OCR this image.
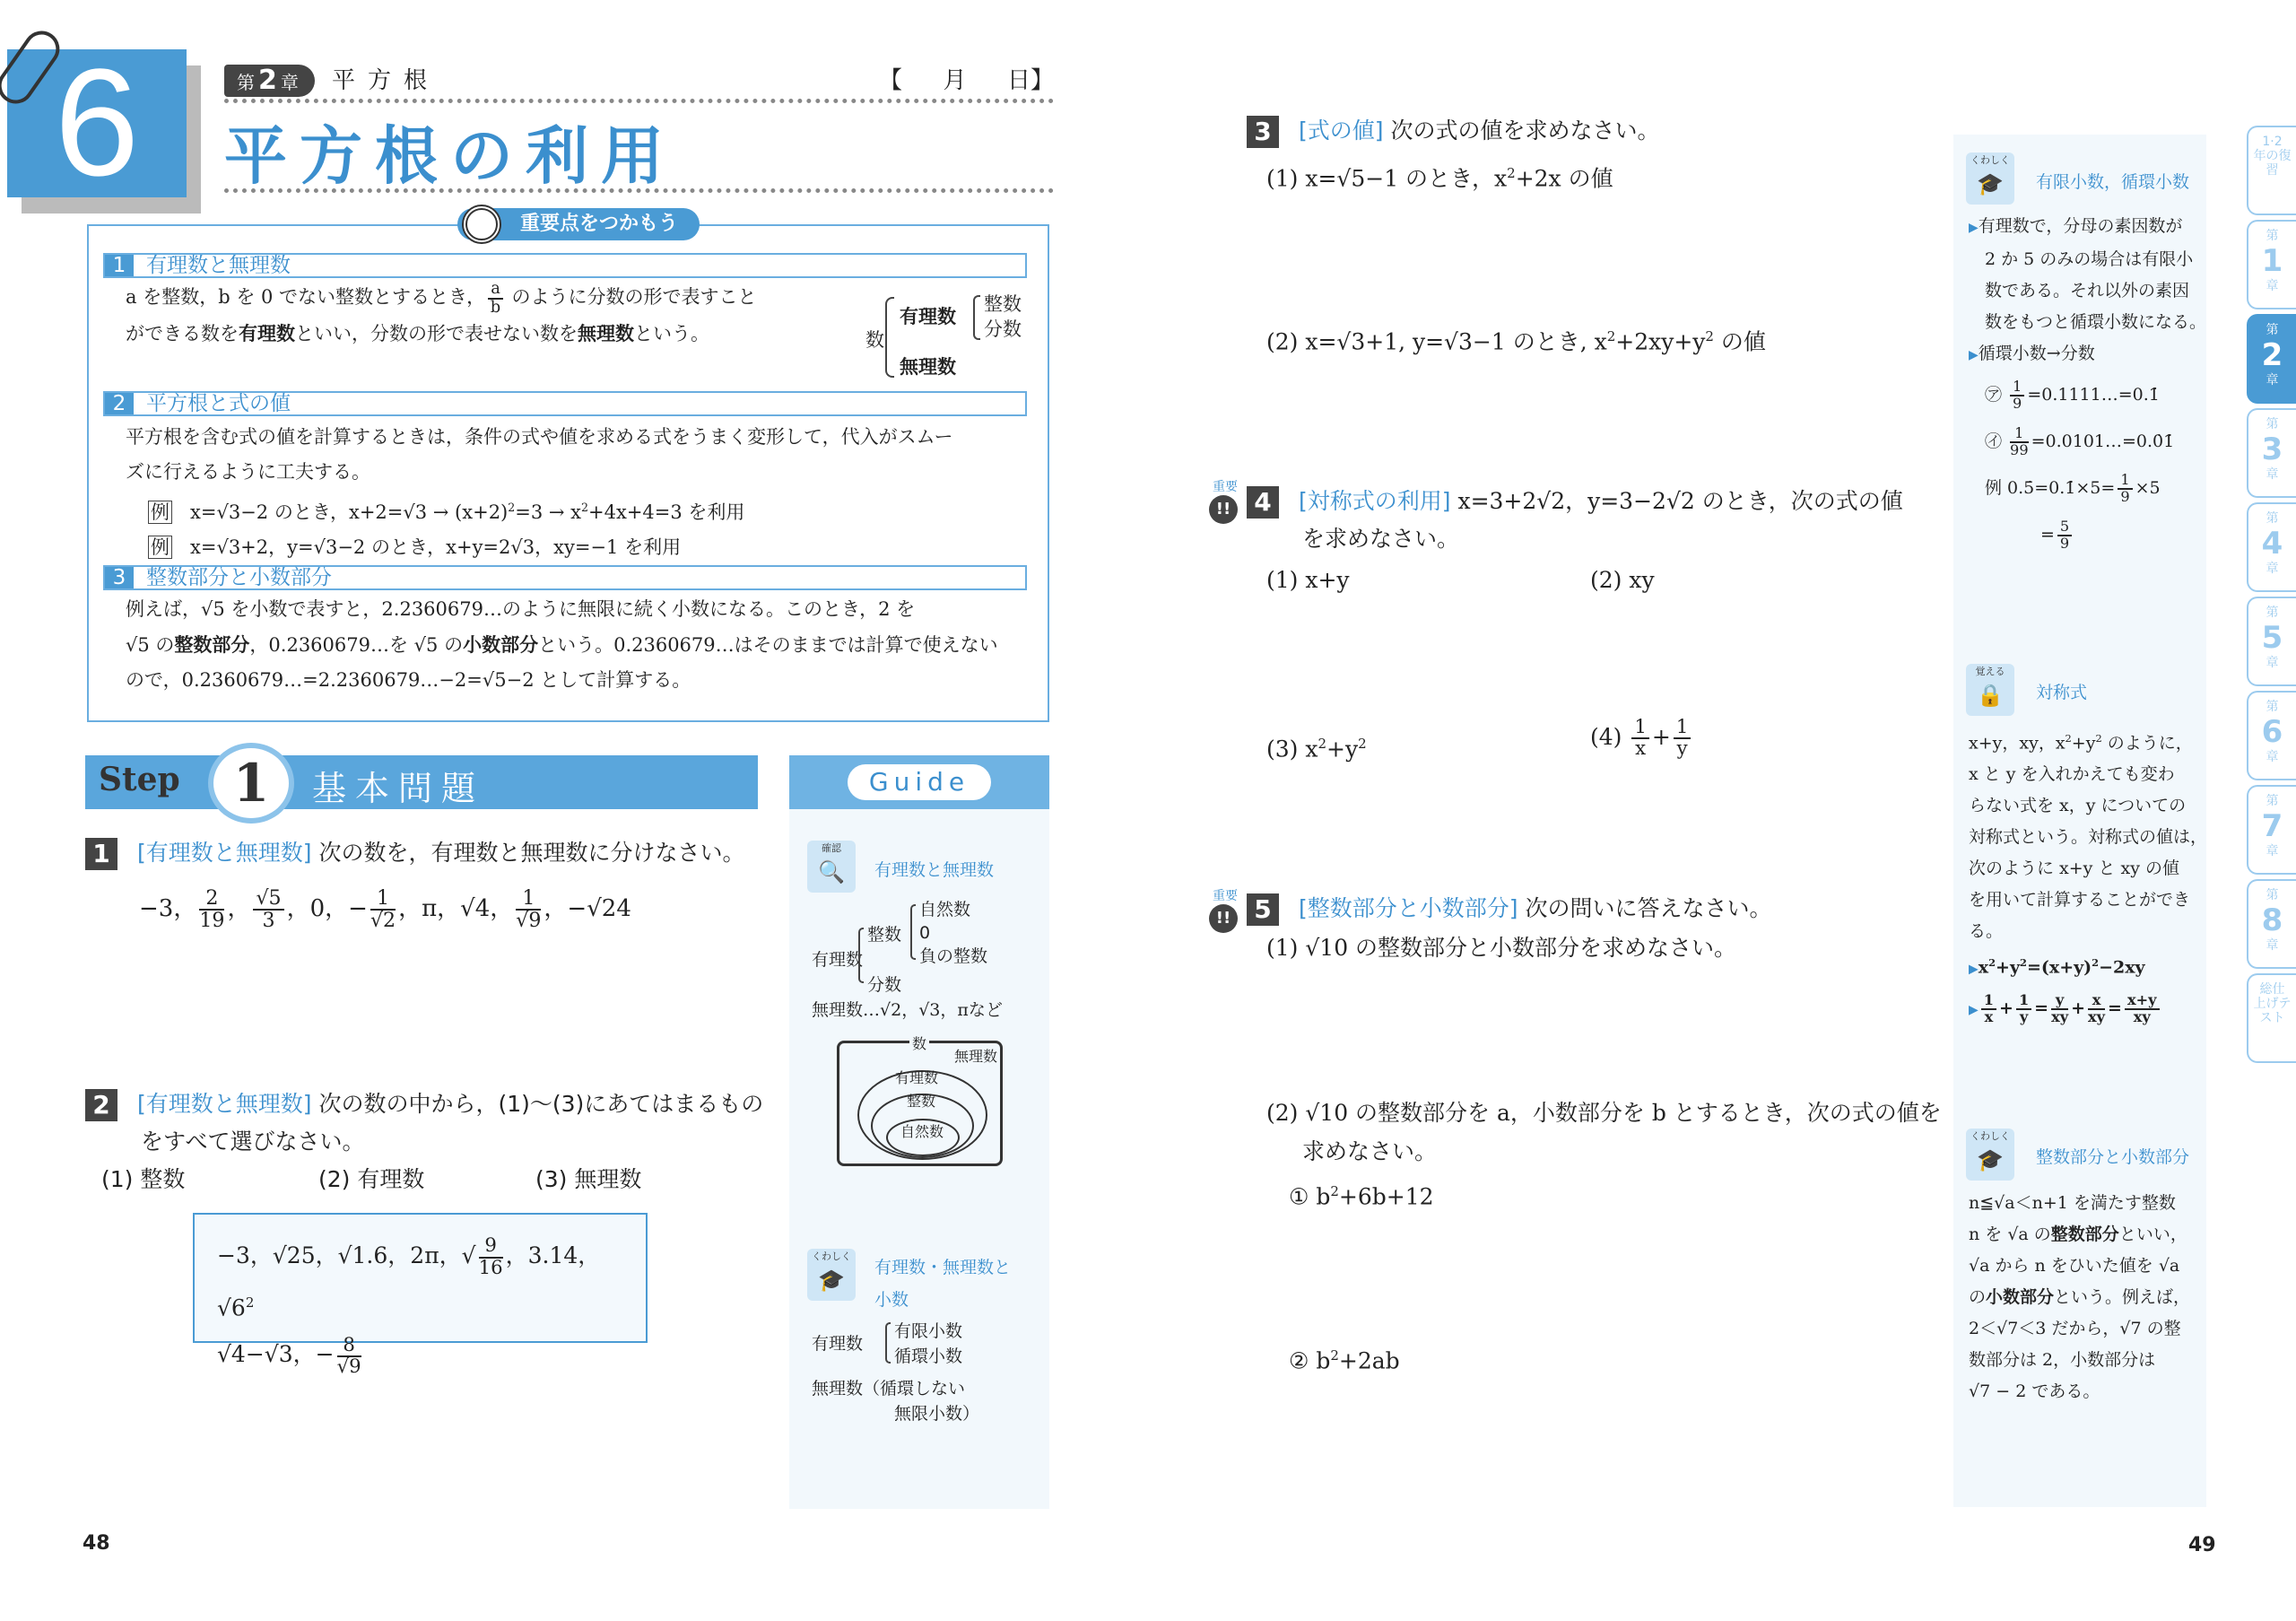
6	第 2 章	平方根	【 月 日】
平方根の利用
重要点をつかもう
1 有理数と無理数
a を整数，b を 0 でない整数とするとき， $\frac{a}{b}$ のように分数の形で表すこと
ができる数を有理数といい，分数の形で表せない数を無理数という。	数
有理数
整数
分数
無理数
2 平方根と式の値
平方根を含む式の値を計算するときは，条件の式や値を求める式をうまく変形して，代入がスムー
ズに行えるように工夫する。
例 x=√3−2 のとき，$x+2=√3 \to (x+2)^2=3 \to x^2+4x+4=3$ を利用
例 x=√3+2，y=√3−2 のとき，x+y=2√3，xy=−1 を利用
3 整数部分と小数部分
例えば，√5 を小数で表すと，2.2360679…のように無限に続く小数になる。このとき，2 を
√5 の整数部分，0.2360679…を √5 の小数部分という。0.2360679…はそのままでは計算で使えない
ので，0.2360679…=2.2360679…−2=√5−2 として計算する。
Step	1	基本問題	Guide
1 [有理数と無理数] 次の数を，有理数と無理数に分けなさい。
−3， $\frac{2}{19}$ ， $\frac{√5}{3}$ ，0，− $\frac{1}{√2}$ ，π，√4， $\frac{1}{√9}$ ，−√24
2 [有理数と無理数] 次の数の中から，(1)～(3)にあてはまるもの
をすべて選びなさい。
(1) 整数	(2) 有理数	(3) 無理数
−3，√25，√1.6，2π，√ $\frac{9}{16}$ ，3.14，$√6^2$
√4−√3，− $\frac{8}{√9}$
確認
🔍	有理数と無理数
有理数
整数
分数
自然数
0
負の整数
無理数…√2，√3，πなど
数
無理数
有理数
整数
自然数
くわしく
🎓	有理数・無理数と
小数
有理数
有限小数
循環小数
無理数（循環しない
無限小数）
48
3 [式の値] 次の式の値を求めなさい。
(1) x=√5−1 のとき，$x^2+2x$ の値
(2) x=√3+1, y=√3−1 のとき, $x^2+2xy+y^2$ の値
重要
!! 4 [対称式の利用] x=3+2√2，y=3−2√2 のとき，次の式の値
を求めなさい。
(1) x+y	(2) xy
(3) $x^2+y^2$	$(4) \frac{1}{x} + \frac{1}{y}$
重要
!! 5 [整数部分と小数部分] 次の問いに答えなさい。
(1) √10 の整数部分と小数部分を求めなさい。
(2) √10 の整数部分を a，小数部分を b とするとき，次の式の値を
求めなさい。
① $b^2+6b+12$
② $b^2+2ab$
くわしく
🎓	有限小数，循環小数
▶有理数で，分母の素因数が
2 か 5 のみの場合は有限小
数である。それ以外の素因
数をもつと循環小数になる。
▶循環小数→分数
㋐ $\frac{1}{9}$ =0.1111…=0.1̇
㋑ $\frac{1}{99}$ =0.0101…=0.0̇1̇
例 0.5̇=0.1̇×5= $\frac{1}{9} \times 5$
= $\frac{5}{9}$
覚える
🔒	対称式
x+y，xy，$x^2+y^2$ のように，
x と y を入れかえても変わ
らない式を x，y についての
対称式という。対称式の値は，
次のように x+y と xy の値
を用いて計算することができ
る。
$▶x^2+y^2=(x+y)^2-2xy$
▶ $\frac{1}{x} + \frac{1}{y} = \frac{y}{xy} + \frac{x}{xy} = \frac{x+y}{xy}$
くわしく
🎓	整数部分と小数部分
n≦√a＜n+1 を満たす整数
n を √a の整数部分といい，
√a から n をひいた値を √a
の小数部分という。例えば，
2＜√7＜3 だから，√7 の整
数部分は 2，小数部分は
√7 − 2 である。
1·2
年の復習
第
1
章
第
2
章
第
3
章
第
4
章
第
5
章
第
6
章
第
7
章
第
8
章
総仕
上げテスト
49
